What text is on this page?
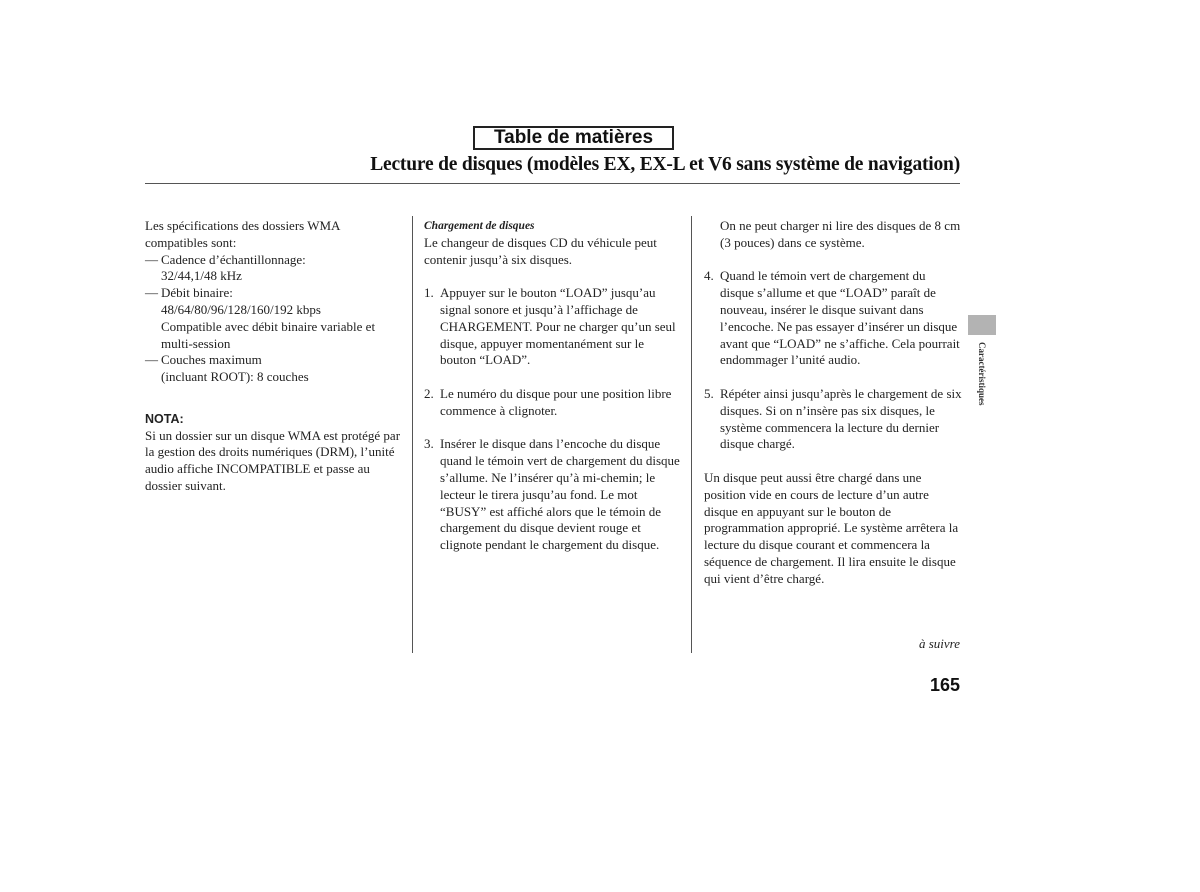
Table de matières
Lecture de disques (modèles EX, EX-L et V6 sans système de navigation)

Les spécifications des dossiers WMA compatibles sont:

— Cadence d’échantillonnage:
32/44,1/48 kHz
— Débit binaire:
48/64/80/96/128/160/192 kbps
Compatible avec débit binaire variable et multi-session
— Couches maximum
(incluant ROOT): 8 couches
NOTA:

Si un dossier sur un disque WMA est protégé par la gestion des droits numériques (DRM), l’unité audio affiche INCOMPATIBLE et passe au dossier suivant.

Chargement de disques

Le changeur de disques CD du véhicule peut contenir jusqu’à six disques.

1. Appuyer sur le bouton “LOAD” jusqu’au signal sonore et jusqu’à l’affichage de CHARGEMENT. Pour ne charger qu’un seul disque, appuyer momentanément sur le bouton “LOAD”.

2. Le numéro du disque pour une position libre commence à clignoter.

3. Insérer le disque dans l’encoche du disque quand le témoin vert de chargement du disque s’allume. Ne l’insérer qu’à mi-chemin; le lecteur le tirera jusqu’au fond. Le mot “BUSY” est affiché alors que le témoin de chargement du disque devient rouge et clignote pendant le chargement du disque.

On ne peut charger ni lire des disques de 8 cm (3 pouces) dans ce système.

4. Quand le témoin vert de chargement du disque s’allume et que “LOAD” paraît de nouveau, insérer le disque suivant dans l’encoche. Ne pas essayer d’insérer un disque avant que “LOAD” ne s’affiche. Cela pourrait endommager l’unité audio.

5. Répéter ainsi jusqu’après le chargement de six disques. Si on n’insère pas six disques, le système commencera la lecture du dernier disque chargé.

Un disque peut aussi être chargé dans une position vide en cours de lecture d’un autre disque en appuyant sur le bouton de programmation approprié. Le système arrêtera la lecture du disque courant et commencera la séquence de chargement. Il lira ensuite le disque qui vient d’être chargé.

à suivre
165
Caractéristiques
